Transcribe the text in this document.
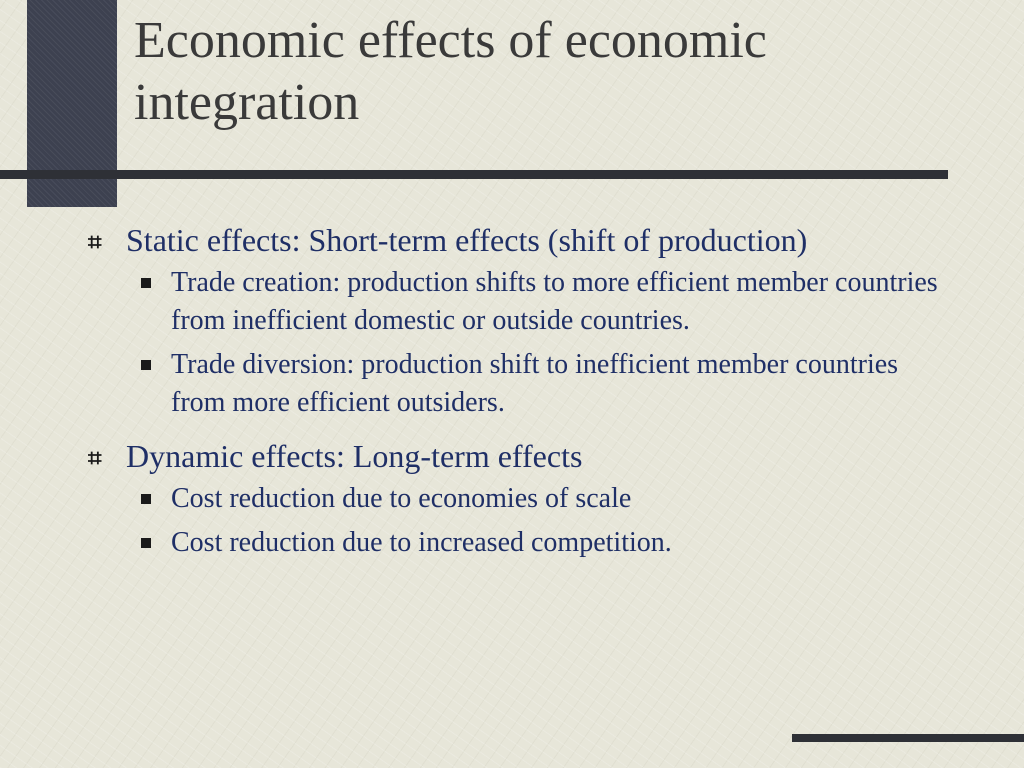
Economic effects of economic integration
⌗ Static effects: Short-term effects (shift of production)
Trade creation: production shifts to more efficient member countries from inefficient domestic or outside countries.
Trade diversion: production shift to inefficient member countries from more efficient outsiders.
⌗ Dynamic effects: Long-term effects
Cost reduction due to economies of scale
Cost reduction due to increased competition.
